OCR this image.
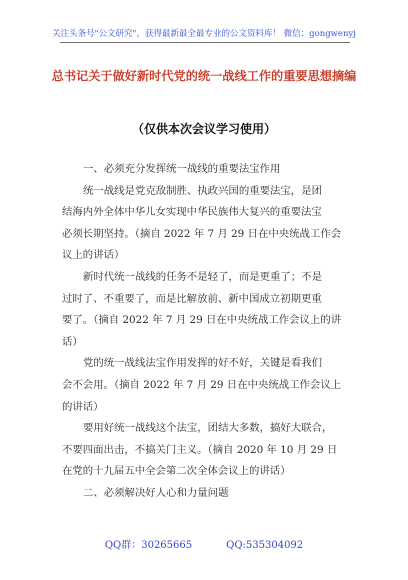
关注头条号"公文研究"，获得最新最全最专业的公文资料库！ 微信：gongwenyj
总书记关于做好新时代党的统一战线工作的重要思想摘编
（仅供本次会议学习使用）
一、必须充分发挥统一战线的重要法宝作用
统一战线是党克敌制胜、执政兴国的重要法宝，是团
结海内外全体中华儿女实现中华民族伟大复兴的重要法宝
必须长期坚持。（摘自 2022 年 7 月 29 日在中央统战工作会
议上的讲话）
新时代统一战线的任务不是轻了，而是更重了；不是
过时了、不重要了，而是比解放前、新中国成立初期更重
要了。（摘自 2022 年 7 月 29 日在中央统战工作会议上的讲
话）
党的统一战线法宝作用发挥的好不好，关键是看我们
会不会用。（摘自 2022 年 7 月 29 日在中央统战工作会议上
的讲话）
要用好统一战线这个法宝，团结大多数，搞好大联合，
不要四面出击，不搞关门主义。（摘自 2020 年 10 月 29 日
在党的十九届五中全会第二次全体会议上的讲话）
二、必须解决好人心和力量问题
QQ群：30265665	QQ:535304092
